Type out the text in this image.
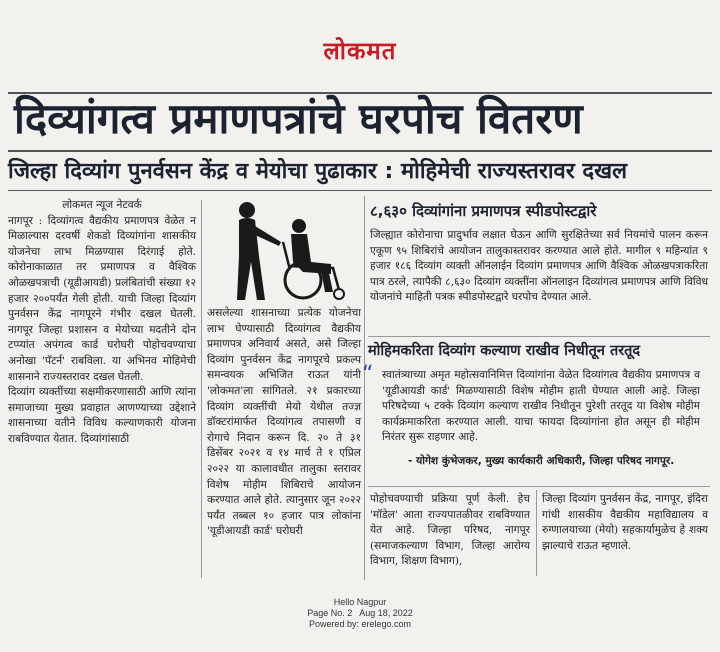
लोकमत
दिव्यांगत्व प्रमाणपत्रांचे घरपोच वितरण
जिल्हा दिव्यांग पुनर्वसन केंद्र व मेयोचा पुढाकार : मोहिमेची राज्यस्तरावर दखल
लोकमत न्यूज नेटवर्क

नागपूर : दिव्यांगत्व वैद्यकीय प्रमाणपत्र वेळेत न मिळाल्यास दरवर्षी शेकडो दिव्यांगांना शासकीय योजनेचा लाभ मिळण्यास दिरंगाई होते. कोरोनाकाळात तर प्रमाणपत्र व वैश्विक ओळखपत्राची (यूडीआयडी) प्रलंबितांची संख्या १२ हजार २००पर्यंत गेली होती. याची जिल्हा दिव्यांग पुनर्वसन केंद्र नागपूरने गंभीर दखल घेतली. नागपूर जिल्हा प्रशासन व मेयोच्या मदतीने दोन टप्प्यांत अपंगत्व कार्ड घरोघरी पोहोचवण्याचा अनोखा 'पॅटर्न' राबविला. या अभिनव मोहिमेची शासनाने राज्यस्तरावर दखल घेतली.

दिव्यांग व्यक्तींच्या सक्षमीकरणासाठी आणि त्यांना समाजाच्या मुख्य प्रवाहात आणण्याच्या उद्देशाने शासनाच्या वतीने विविध कल्याणकारी योजना राबविण्यात येतात. दिव्यांगांसाठी

असलेल्या शासनाच्या प्रत्येक योजनेचा लाभ घेण्यासाठी दिव्यांगत्व वैद्यकीय प्रमाणपत्र अनिवार्य असते, असे जिल्हा दिव्यांग पुनर्वसन केंद्र नागपूरचे प्रकल्प समन्वयक अभिजित राऊत यांनी 'लोकमत'ला सांगितले. २१ प्रकारच्या दिव्यांग व्यक्तींची मेयो येथील तज्ज्ञ डॉक्टरांमार्फत दिव्यांगत्व तपासणी व रोगाचे निदान करून दि. २० ते ३१ डिसेंबर २०२१ व १४ मार्च ते १ एप्रिल २०२२ या कालावधीत तालुका स्तरावर विशेष मोहीम शिबिराचे आयोजन करण्यात आले होते. त्यानुसार जून २०२२ पर्यंत तब्बल १० हजार पात्र लोकांना 'यूडीआयडी कार्ड' घरोघरी

८,६३० दिव्यांगांना प्रमाणपत्र स्पीडपोस्टद्वारे
जिल्ह्यात कोरोनाचा प्रादुर्भाव लक्षात घेऊन आणि सुरक्षितेच्या सर्व नियमांचे पालन करून एकूण ९५ शिबिरांचे आयोजन तालुकास्तरावर करण्यात आले होते. मागील ९ महिन्यांत ९ हजार १८६ दिव्यांग व्यक्ती ऑनलाईन दिव्यांग प्रमाणपत्र आणि वैश्विक ओळखपत्राकरिता पात्र ठरले, त्यापैकी ८,६३० दिव्यांग व्यक्तींना ऑनलाइन दिव्यांगत्व प्रमाणपत्र आणि विविध योजनांचे माहिती पत्रक स्पीडपोस्टद्वारे घरपोच देण्यात आले.
मोहिमकरिता दिव्यांग कल्याण राखीव निधीतून तरतूद
“ स्वातंत्र्याच्या अमृत महोत्सवानिमित्त दिव्यांगांना वेळेत दिव्यांगत्व वैद्यकीय प्रमाणपत्र व 'यूडीआयडी कार्ड' मिळण्यासाठी विशेष मोहीम हाती घेण्यात आली आहे. जिल्हा परिषदेच्या ५ टक्के दिव्यांग कल्याण राखीव निधीतून पुरेशी तरतूद या विशेष मोहीम कार्यक्रमाकरिता करण्यात आली. याचा फायदा दिव्यांगांना होत असून ही मोहीम निरंतर सुरू राहणार आहे.
- योगेश कुंभेजकर, मुख्य कार्यकारी अधिकारी, जिल्हा परिषद नागपूर.

पोहोचवण्याची प्रक्रिया पूर्ण केली. हेच 'मॉडेल' आता राज्यपातळीवर राबविण्यात येत आहे. जिल्हा परिषद, नागपूर (समाजकल्याण विभाग, जिल्हा आरोग्य विभाग, शिक्षण विभाग),

जिल्हा दिव्यांग पुनर्वसन केंद्र, नागपूर, इंदिरा गांधी शासकीय वैद्यकीय महाविद्यालय व रुग्णालयाच्या (मेयो) सहकार्यामुळेच हे शक्य झाल्याचे राऊत म्हणाले.

Hello Nagpur
Page No. 2   Aug 18, 2022
Powered by: erelego.com
